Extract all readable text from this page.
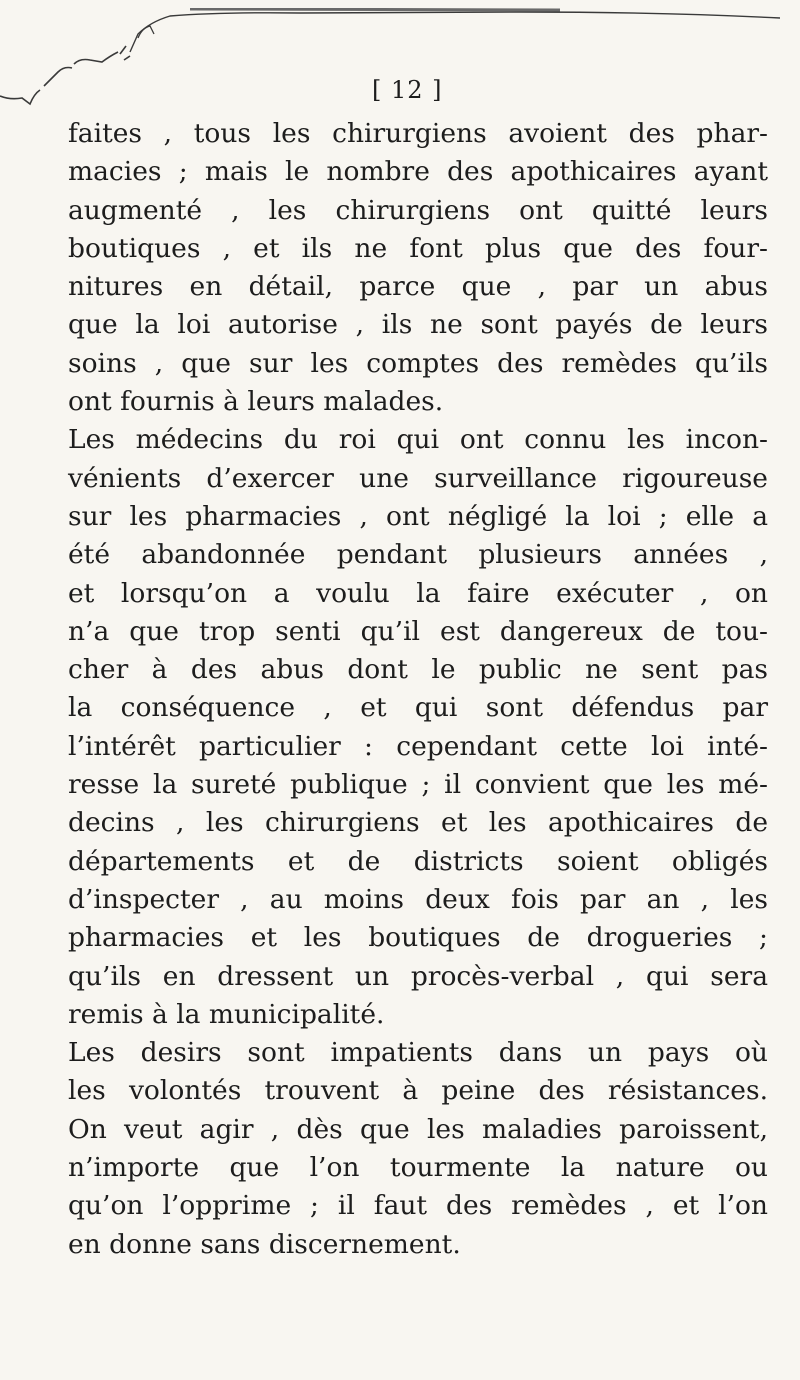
[ 12 ]
faites , tous les chirurgiens avoient des phar-
macies ; mais le nombre des apothicaires ayant
augmenté , les chirurgiens ont quitté leurs
boutiques , et ils ne font plus que des four-
nitures en détail, parce que , par un abus
que la loi autorise , ils ne sont payés de leurs
soins , que sur les comptes des remèdes qu’ils
ont fournis à leurs malades.
Les médecins du roi qui ont connu les incon-
vénients d’exercer une surveillance rigoureuse
sur les pharmacies , ont négligé la loi ; elle a
été abandonnée pendant plusieurs années ,
et lorsqu’on a voulu la faire exécuter , on
n’a que trop senti qu’il est dangereux de tou-
cher à des abus dont le public ne sent pas
la conséquence , et qui sont défendus par
l’intérêt particulier : cependant cette loi inté-
resse la sureté publique ; il convient que les mé-
decins , les chirurgiens et les apothicaires de
départements et de districts soient obligés
d’inspecter , au moins deux fois par an , les
pharmacies et les boutiques de drogueries ;
qu’ils en dressent un procès-verbal , qui sera
remis à la municipalité.
Les desirs sont impatients dans un pays où
les volontés trouvent à peine des résistances.
On veut agir , dès que les maladies paroissent,
n’importe que l’on tourmente la nature ou
qu’on l’opprime ; il faut des remèdes , et l’on
en donne sans discernement.
